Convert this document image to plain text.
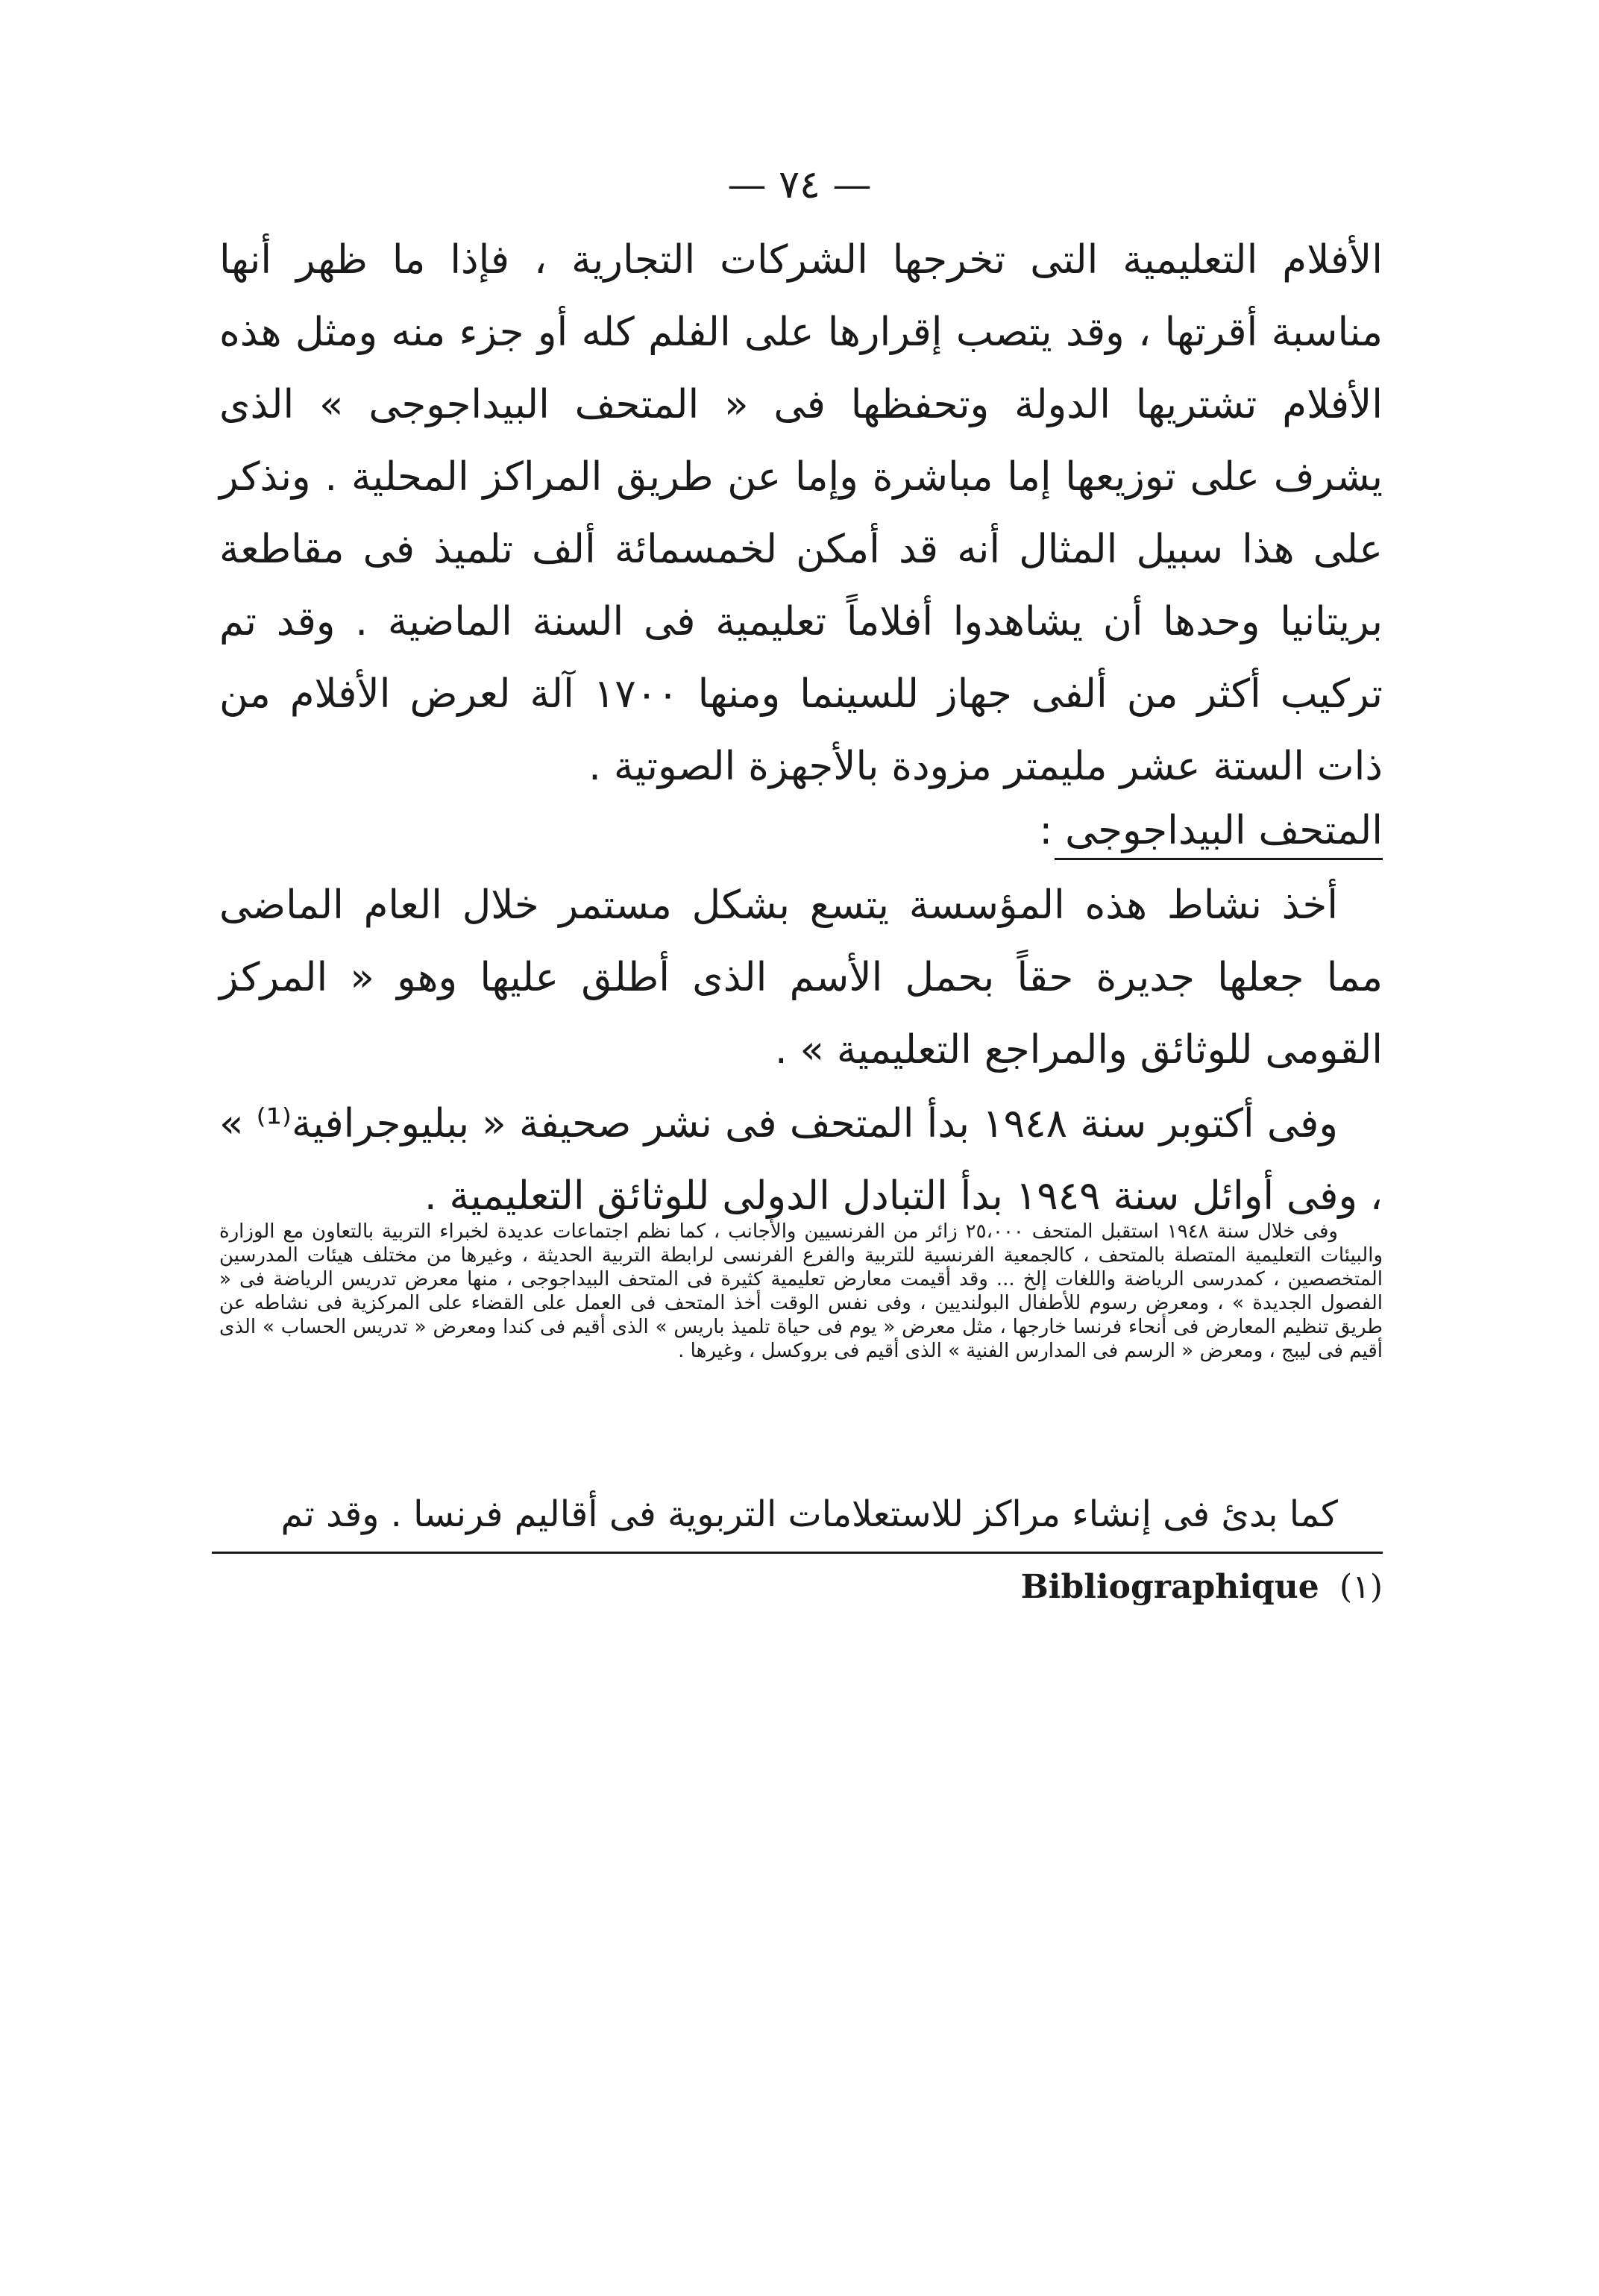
— ٧٤ —

الأفلام التعليمية التى تخرجها الشركات التجارية ، فإذا ما ظهر أنها مناسبة أقرتها ، وقد يتصب إقرارها على الفلم كله أو جزء منه ومثل هذه الأفلام تشتريها الدولة وتحفظها فى « المتحف البيداجوجى » الذى يشرف على توزيعها إما مباشرة وإما عن طريق المراكز المحلية . ونذكر على هذا سبيل المثال أنه قد أمكن لخمسمائة ألف تلميذ فى مقاطعة بريتانيا وحدها أن يشاهدوا أفلاماً تعليمية فى السنة الماضية . وقد تم تركيب أكثر من ألفى جهاز للسينما ومنها ١٧٠٠ آلة لعرض الأفلام من ذات الستة عشر مليمتر مزودة بالأجهزة الصوتية .

المتحف البيداجوجى :

أخذ نشاط هذه المؤسسة يتسع بشكل مستمر خلال العام الماضى مما جعلها جديرة حقاً بحمل الأسم الذى أطلق عليها وهو « المركز القومى للوثائق والمراجع التعليمية » .

وفى أكتوبر سنة ١٩٤٨ بدأ المتحف فى نشر صحيفة « ببليوجرافية⁽¹⁾ » ، وفى أوائل سنة ١٩٤٩ بدأ التبادل الدولى للوثائق التعليمية .

وفى خلال سنة ١٩٤٨ استقبل المتحف ٢٥،٠٠٠ زائر من الفرنسيين والأجانب ، كما نظم اجتماعات عديدة لخبراء التربية بالتعاون مع الوزارة والبيئات التعليمية المتصلة بالمتحف ، كالجمعية الفرنسية للتربية والفرع الفرنسى لرابطة التربية الحديثة ، وغيرها من مختلف هيئات المدرسين المتخصصين ، كمدرسى الرياضة واللغات إلخ ... وقد أقيمت معارض تعليمية كثيرة فى المتحف البيداجوجى ، منها معرض تدريس الرياضة فى « الفصول الجديدة » ، ومعرض رسوم للأطفال البولنديين ، وفى نفس الوقت أخذ المتحف فى العمل على القضاء على المركزية فى نشاطه عن طريق تنظيم المعارض فى أنحاء فرنسا خارجها ، مثل معرض « يوم فى حياة تلميذ باريس » الذى أقيم فى كندا ومعرض « تدريس الحساب » الذى أقيم فى ليبج ، ومعرض « الرسم فى المدارس الفنية » الذى أقيم فى بروكسل ، وغيرها .

كما بدئ فى إنشاء مراكز للاستعلامات التربوية فى أقاليم فرنسا . وقد تم

(١) Bibliographique
